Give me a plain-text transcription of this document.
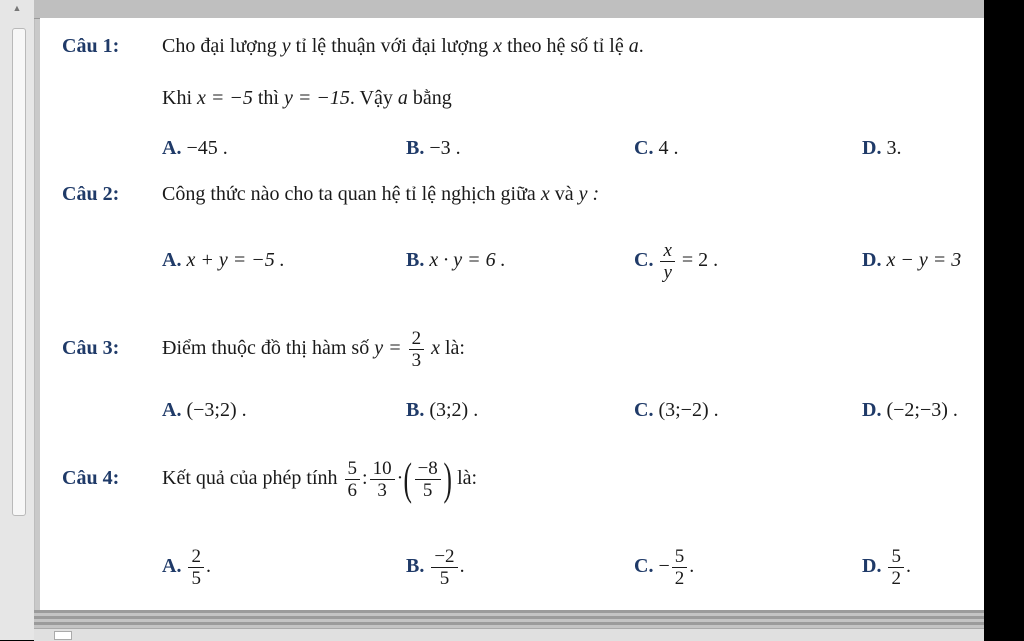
▲
Câu 1: Cho đại lượng y tỉ lệ thuận với đại lượng x theo hệ số tỉ lệ a.
Khi x = −5 thì y = −15. Vậy a bằng
A. −45 .	B. −3 .	C. 4 .	D. 3.
Câu 2: Công thức nào cho ta quan hệ tỉ lệ nghịch giữa x và y :
A. x + y = −5 .	B. x · y = 6 .	C. $\frac{x}{y} = 2$ .	D. x − y = 3
Câu 3: Điểm thuộc đồ thị hàm số $y = \frac{2}{3}$ x là:
A. (−3;2) .	B. (3;2) .	C. (3;−2) .	D. (−2;−3) .
Câu 4: Kết quả của phép tính $\frac{5}{6}$ : $\frac{10}{3}$ ·( $\frac{-8}{5}$ ) là:
A. $\frac{2}{5}$ .	B. $\frac{-2}{5}$ .	C. − $\frac{5}{2}$ .	D. $\frac{5}{2}$ .
